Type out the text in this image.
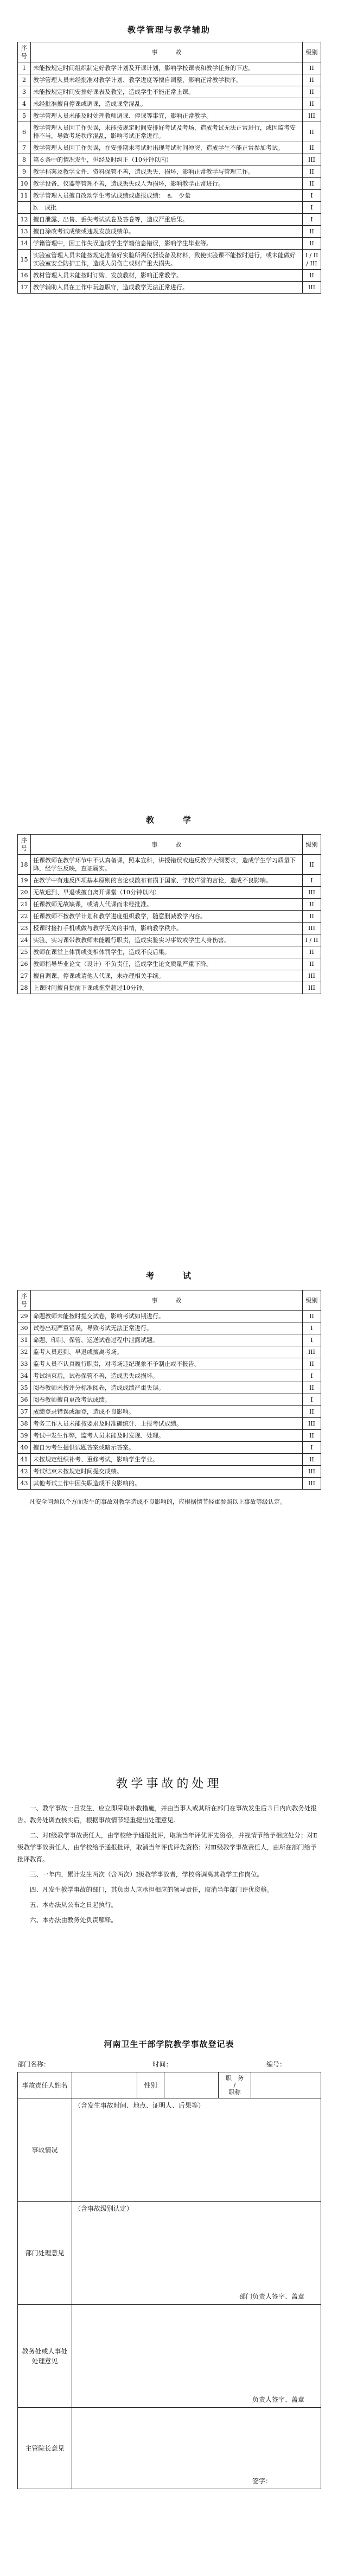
教学管理与教学辅助
序号	事　　　故	级别
1	未能按规定时间组织制定好教学计划及开课计划，影响学校课表和教学任务的下达。	II
2	教学管理人员未经批准对教学计划、教学进度等擅自调整，影响正常教学秩序。	II
3	未能按规定时间安排好课表及教室，造成学生不能正常上课。	II
4	未经批准擅自停课或调课，造成课堂混乱。	II
5	教学管理人员未能及时处理教师调课、停课等事宜，影响正常教学。	III
6	教学管理人员因工作失误，未能按规定时间安排好考试及考场，造成考试无法正常进行，或因监考安排不当，导致考场秩序混乱，影响考试正常进行。	II
7	教学管理人员因工作失误，在安排期末考试时出现考试时间冲突，造成学生不能正常参加考试。	II
8	第６条中的情况发生，但经及时纠正（10分钟以内）	III
9	教学档案及教学文件、资料保管不善，造成丢失、损坏，影响正常教学与管理工作。	II
10	教学设备、仪器等管理不善，造成丢失或人为损坏，影响教学正常进行。	II
11	教学管理人员擅自改动学生考试成绩或虚报成绩：　a.　少量	I
	b.　成批	I
12	擅自泄露、出售、丢失考试试卷及答卷等，造成严重后果。	I
13	擅自涂改考试成绩或违规发放成绩单。	II
14	学籍管理中，因工作失误造成学生学籍信息错误，影响学生毕业等。	II
15	实验室管理人员未能按规定准备好实验所需仪器设备及材料，致使实验课不能按时进行，或未能做好实验室安全防护工作，造成人员伤亡或财产重大损失。	I / II / III
16	教材管理人员未能按时订购、发放教材，影响正常教学。	II
17	教学辅助人员在工作中玩忽职守，造成教学无法正常进行。	III
教　　　学
序号	事　　　故	级别
18	任课教师在教学环节中不认真备课，照本宣科，讲授错误或违反教学大纲要求，造成学生学习质量下降，经学生反映，查证属实。	II
19	在教学中有违反四项基本原则的言论或散布有损于国家、学校声誉的言论，造成不良影响。	I
20	无故迟到、早退或擅自离开课堂（10分钟以内）	III
21	任课教师无故缺课，或请人代课而未经批准。	II
22	任课教师不按教学计划和教学进度组织教学，随意删减教学内容。	II
23	授课时接打手机或做与教学无关的事情，影响教学秩序。	III
24	实验、实习课带教教师未能履行职责，造成实验实习事故或学生人身伤害。	I / II
25	教师在课堂上体罚或变相体罚学生，造成不良后果。	II
26	教师指导毕业论文（设计）不负责任，造成学生论文质量严重下降。	II
27	擅自调课、停课或请他人代课，未办理相关手续。	III
28	上课时间擅自提前下课或拖堂超过10分钟。	III
考　　　试
序号	事　　　故	级别
29	命题教师未能按时提交试卷，影响考试如期进行。	II
30	试卷出现严重错误，导致考试无法正常进行。	I
31	命题、印制、保管、运送试卷过程中泄露试题。	I
32	监考人员迟到、早退或擅离考场。	III
33	监考人员不认真履行职责，对考场违纪现象不予制止或不报告。	II
34	考试结束后，试卷保管不善，造成丢失或损坏。	I
35	阅卷教师未按评分标准阅卷，造成成绩严重失误。	II
36	阅卷教师擅自更改考试成绩。	I
37	成绩登录错误或漏登，造成不良影响。	II
38	考务工作人员未能按要求及时准确统计、上报考试成绩。	III
39	考试中发生作弊，监考人员未能及时发现、处理。	II
40	擅自为考生提供试题答案或暗示答案。	I
41	未按规定组织补考、重修考试，影响学生学业。	II
42	考试结束未按规定时间提交成绩。	III
43	其他考试工作中因失职造成不良影响的。	III
凡安全问题以个方面发生的事故对教学造成不良影响的，应根据情节轻重参照以上事故等级认定。
教学事故的处理
一、教学事故一旦发生，应立即采取补救措施，并由当事人或其所在部门在事故发生后３日内向教务处报告。教务处调查核实后，根据事故情节轻重提出处理意见。
二、对Ⅰ级教学事故责任人，由学校给予通报批评，取消当年评优评先资格，并视情节给予相应处分；对Ⅱ级教学事故责任人，由学校给予通报批评，取消当年评优评先资格；对Ⅲ级教学事故责任人，由所在部门给予批评教育。
三、一年内，累计发生两次（含两次）Ⅰ级教学事故者，学校将调离其教学工作岗位。
四、凡发生教学事故的部门，其负责人应承担相应的领导责任，取消当年部门评优资格。
五、本办法从公布之日起执行。
六、本办法由教务处负责解释。
河南卫生干部学院教学事故登记表
部门名称：	时间：	编号：
事故责任人姓名		性别		职　务
/
职称	
事故情况	（含发生事故时间、地点、证明人、后果等）				
部门处理意见	（含事故级别认定）
部门负责人签字、盖章				

教务处或人事处处理意见	负责人签字、盖章				

主管院长意见	签字：				
